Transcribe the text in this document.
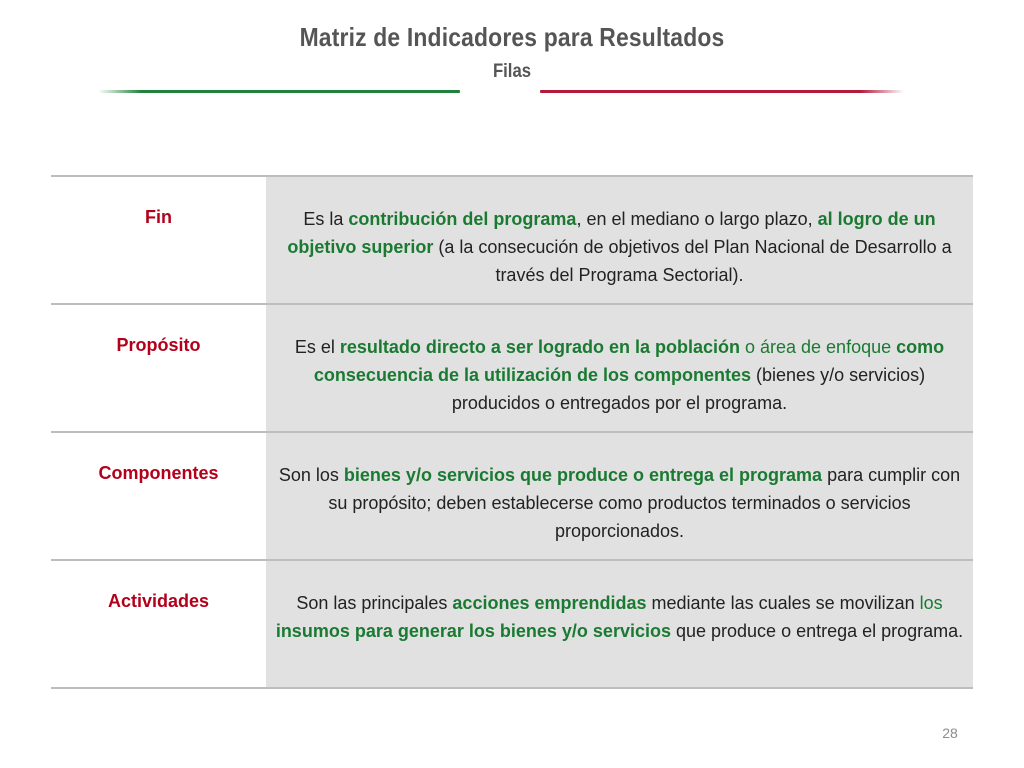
Matriz de Indicadores para Resultados
Filas
Fin	Es la contribución del programa, en el mediano o largo plazo, al logro de un objetivo superior (a la consecución de objetivos del Plan Nacional de Desarrollo a través del Programa Sectorial).
Propósito	Es el resultado directo a ser logrado en la población o área de enfoque como consecuencia de la utilización de los componentes (bienes y/o servicios) producidos o entregados por el programa.
Componentes	Son los bienes y/o servicios que produce o entrega el programa para cumplir con su propósito; deben establecerse como productos terminados o servicios proporcionados.
Actividades	Son las principales acciones emprendidas mediante las cuales se movilizan los insumos para generar los bienes y/o servicios que produce o entrega el programa.
28
